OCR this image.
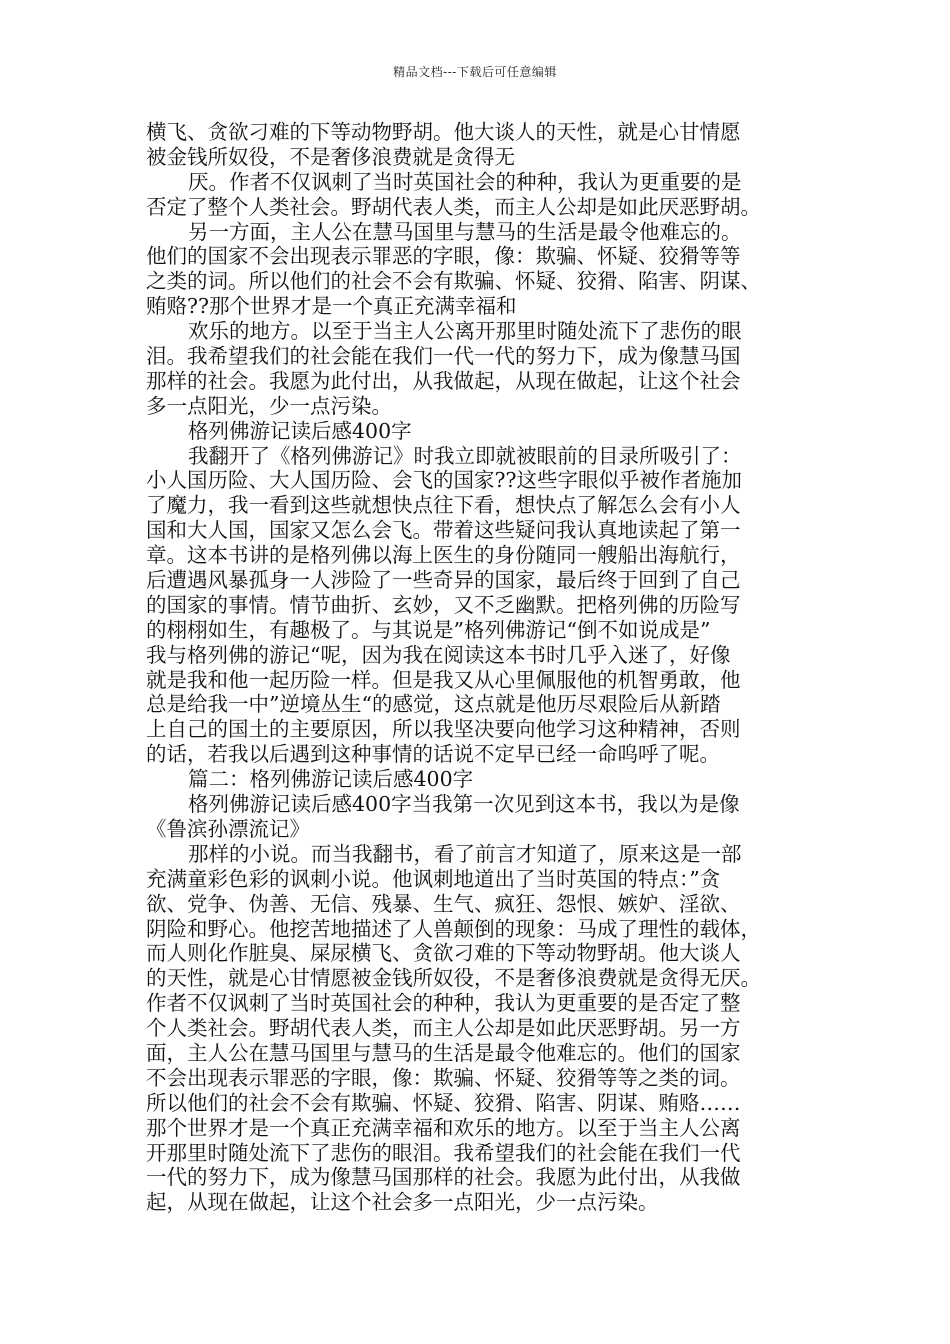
精品文档---下载后可任意编辑
横飞、贪欲刁难的下等动物野胡。他大谈人的天性，就是心甘情愿
被金钱所奴役，不是奢侈浪费就是贪得无
厌。作者不仅讽刺了当时英国社会的种种，我认为更重要的是
否定了整个人类社会。野胡代表人类，而主人公却是如此厌恶野胡。
另一方面，主人公在慧马国里与慧马的生活是最令他难忘的。
他们的国家不会出现表示罪恶的字眼，像：欺骗、怀疑、狡猾等等
之类的词。所以他们的社会不会有欺骗、怀疑、狡猾、陷害、阴谋、
贿赂??那个世界才是一个真正充满幸福和
欢乐的地方。以至于当主人公离开那里时随处流下了悲伤的眼
泪。我希望我们的社会能在我们一代一代的努力下，成为像慧马国
那样的社会。我愿为此付出，从我做起，从现在做起，让这个社会
多一点阳光，少一点污染。
格列佛游记读后感400字
我翻开了《格列佛游记》时我立即就被眼前的目录所吸引了：
小人国历险、大人国历险、会飞的国家??这些字眼似乎被作者施加
了魔力，我一看到这些就想快点往下看，想快点了解怎么会有小人
国和大人国，国家又怎么会飞。带着这些疑问我认真地读起了第一
章。这本书讲的是格列佛以海上医生的身份随同一艘船出海航行，
后遭遇风暴孤身一人涉险了一些奇异的国家，最后终于回到了自己
的国家的事情。情节曲折、玄妙，又不乏幽默。把格列佛的历险写
的栩栩如生，有趣极了。与其说是”格列佛游记“倒不如说成是”
我与格列佛的游记“呢，因为我在阅读这本书时几乎入迷了，好像
就是我和他一起历险一样。但是我又从心里佩服他的机智勇敢，他
总是给我一中”逆境丛生“的感觉，这点就是他历尽艰险后从新踏
上自己的国土的主要原因，所以我坚决要向他学习这种精神，否则
的话，若我以后遇到这种事情的话说不定早已经一命呜呼了呢。
篇二：格列佛游记读后感400字
格列佛游记读后感400字当我第一次见到这本书，我以为是像
《鲁滨孙漂流记》
那样的小说。而当我翻书，看了前言才知道了，原来这是一部
充满童彩色彩的讽刺小说。他讽刺地道出了当时英国的特点：”贪
欲、党争、伪善、无信、残暴、生气、疯狂、怨恨、嫉妒、淫欲、
阴险和野心。他挖苦地描述了人兽颠倒的现象：马成了理性的载体，
而人则化作脏臭、屎尿横飞、贪欲刁难的下等动物野胡。他大谈人
的天性，就是心甘情愿被金钱所奴役，不是奢侈浪费就是贪得无厌。
作者不仅讽刺了当时英国社会的种种，我认为更重要的是否定了整
个人类社会。野胡代表人类，而主人公却是如此厌恶野胡。另一方
面，主人公在慧马国里与慧马的生活是最令他难忘的。他们的国家
不会出现表示罪恶的字眼，像：欺骗、怀疑、狡猾等等之类的词。
所以他们的社会不会有欺骗、怀疑、狡猾、陷害、阴谋、贿赂……
那个世界才是一个真正充满幸福和欢乐的地方。以至于当主人公离
开那里时随处流下了悲伤的眼泪。我希望我们的社会能在我们一代
一代的努力下，成为像慧马国那样的社会。我愿为此付出，从我做
起，从现在做起，让这个社会多一点阳光，少一点污染。
